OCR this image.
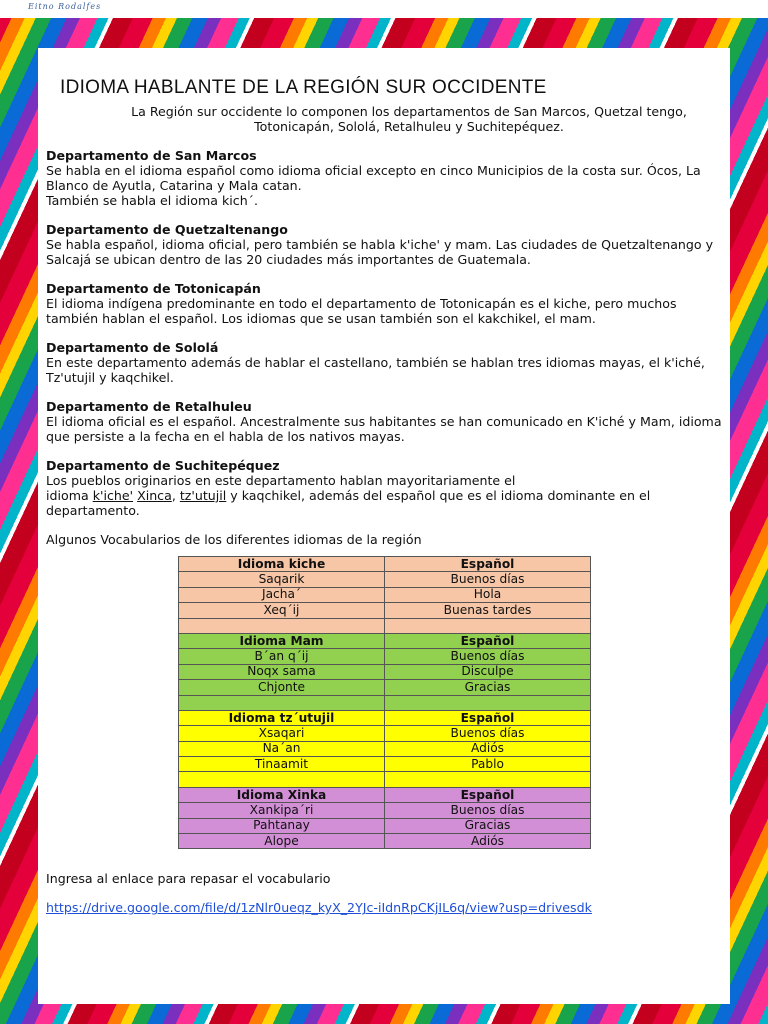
Eitno Rodalfes
IDIOMA HABLANTE DE LA REGIÓN SUR OCCIDENTE

La Región sur occidente lo componen los departamentos de San Marcos, Quetzal tengo, Totonicapán, Sololá, Retalhuleu y Suchitepéquez.

Departamento de San Marcos

Se habla en el idioma español como idioma oficial excepto en cinco Municipios de la costa sur. Ócos, La Blanco de Ayutla, Catarina y Mala catan.

También se habla el idioma kich´.

Departamento de Quetzaltenango

Se habla español, idioma oficial, pero también se habla k'iche' y mam. Las ciudades de Quetzaltenango y Salcajá se ubican dentro de las 20 ciudades más importantes de Guatemala.

Departamento de Totonicapán

El idioma indígena predominante en todo el departamento de Totonicapán es el kiche, pero muchos también hablan el español. Los idiomas que se usan también son el kakchikel, el mam.

Departamento de Sololá

En este departamento además de hablar el castellano, también se hablan tres idiomas mayas, el k'iché, Tz'utujil y kaqchikel.

Departamento de Retalhuleu

El idioma oficial es el español. Ancestralmente sus habitantes se han comunicado en K'iché y Mam, idioma que persiste a la fecha en el habla de los nativos mayas.

Departamento de Suchitepéquez

Los pueblos originarios en este departamento hablan mayoritariamente el

idioma k'iche' Xinca, tz'utujil y kaqchikel, además del español que es el idioma dominante en el departamento.

Algunos Vocabularios de los diferentes idiomas de la región

Idioma kiche	Español
Saqarik	Buenos días
Jacha´	Hola
Xeq´ij	Buenas tardes

Idioma Mam	Español
B´an q´ij	Buenos días
Noqx sama	Disculpe
Chjonte	Gracias

Idioma tz´utujil	Español
Xsaqari	Buenos días
Na´an	Adiós
Tinaamit	Pablo

Idioma Xinka	Español
Xankipa´ri	Buenos días
Pahtanay	Gracias
Alope	Adiós

Ingresa al enlace para repasar el vocabulario

https://drive.google.com/file/d/1zNlr0ueqz_kyX_2YJc-iIdnRpCKjIL6q/view?usp=drivesdk
